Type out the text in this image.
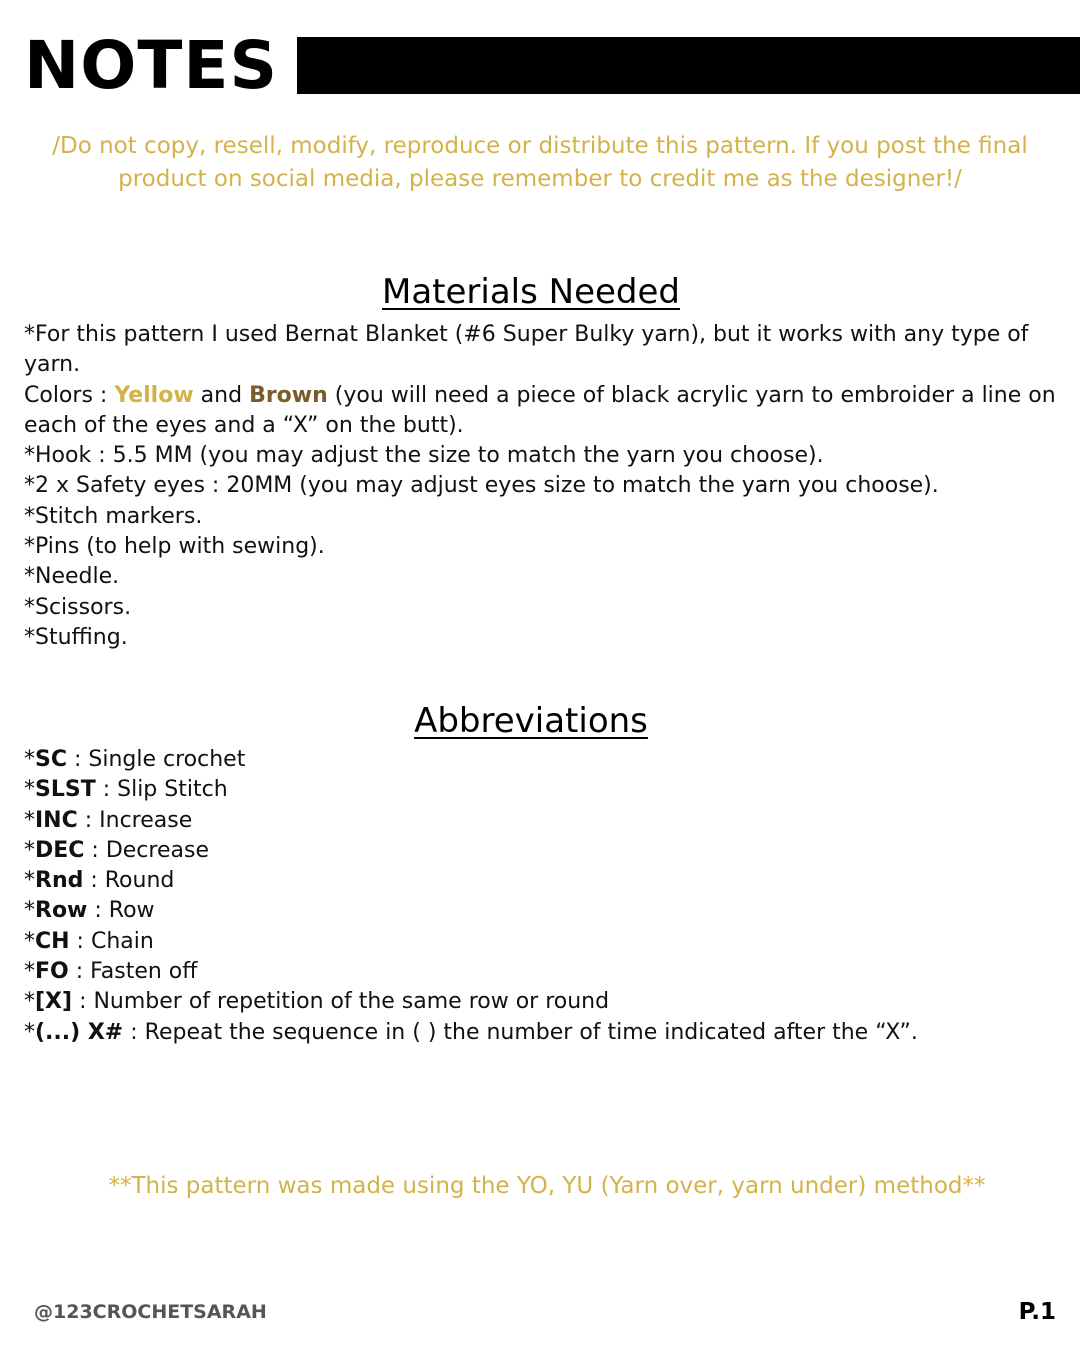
NOTES

/Do not copy, resell, modify, reproduce or distribute this pattern. If you post the final product on social media, please remember to credit me as the designer!/

Materials Needed

*For this pattern I used Bernat Blanket (#6 Super Bulky yarn), but it works with any type of yarn.

Colors : Yellow and Brown (you will need a piece of black acrylic yarn to embroider a line on each of the eyes and a “X” on the butt).

*Hook : 5.5 MM (you may adjust the size to match the yarn you choose).

*2 x Safety eyes : 20MM (you may adjust eyes size to match the yarn you choose).

*Stitch markers.

*Pins (to help with sewing).

*Needle.

*Scissors.

*Stuffing.

Abbreviations
*SC : Single crochet
*SLST : Slip Stitch
*INC : Increase
*DEC : Decrease
*Rnd : Round
*Row : Row
*CH : Chain
*FO : Fasten off
*[X] : Number of repetition of the same row or round
*(...) X# : Repeat the sequence in ( ) the number of time indicated after the “X”.

**This pattern was made using the YO, YU (Yarn over, yarn under) method**

@123CROCHETSARAH	P.1
